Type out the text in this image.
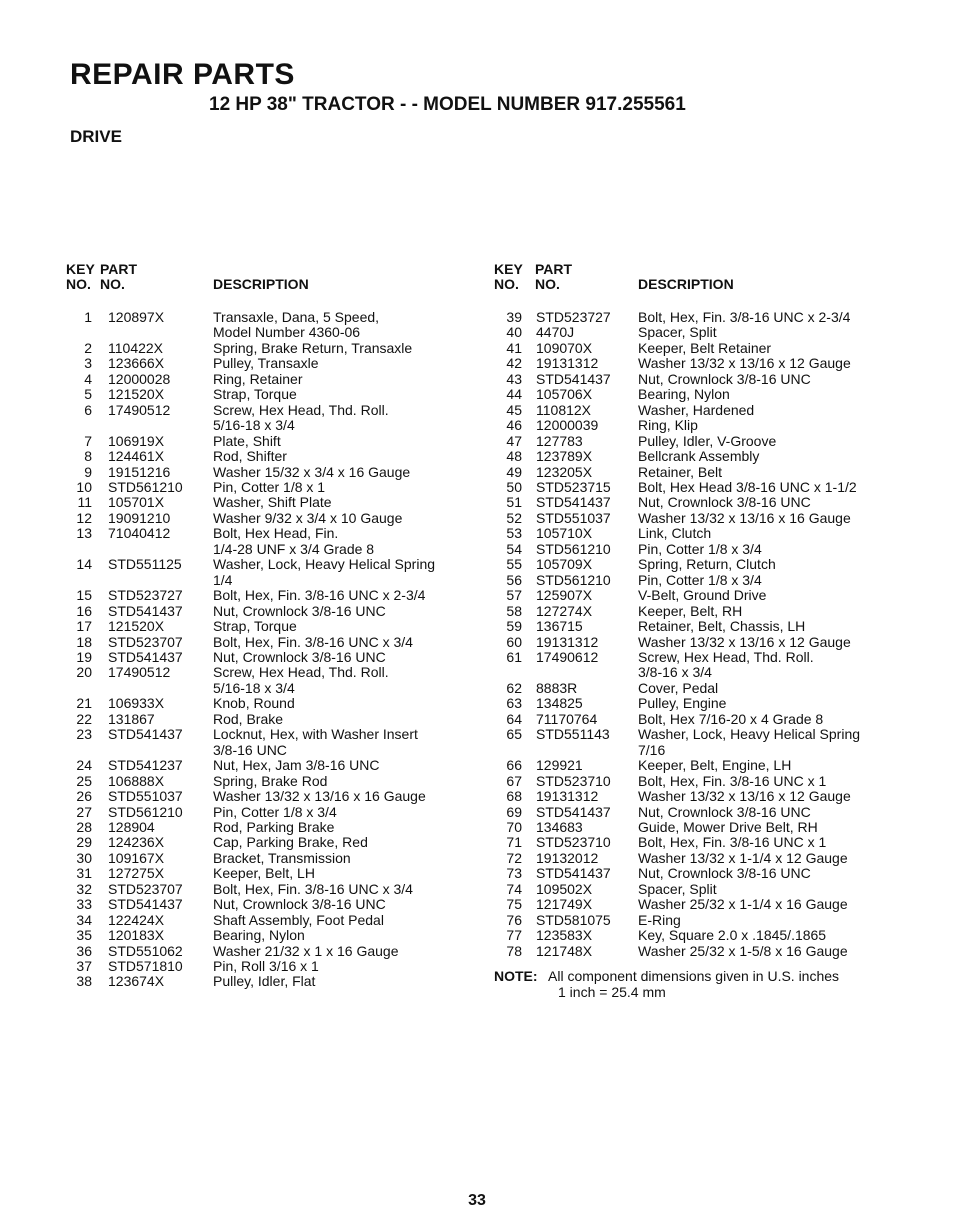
REPAIR PARTS
12 HP 38" TRACTOR - - MODEL NUMBER 917.255561
DRIVE
KEY
NO.
PART
NO.	DESCRIPTION
1 120897X	Transaxle, Dana, 5 Speed,
Model Number 4360-06
2 110422X	Spring, Brake Return, Transaxle
3 123666X	Pulley, Transaxle
4 12000028	Ring, Retainer
5 121520X	Strap, Torque
6 17490512	Screw, Hex Head, Thd. Roll.
5/16-18 x 3/4
7 106919X	Plate, Shift
8 124461X	Rod, Shifter
9 19151216	Washer 15/32 x 3/4 x 16 Gauge
10 STD561210	Pin, Cotter 1/8 x 1
11 105701X	Washer, Shift Plate
12 19091210	Washer 9/32 x 3/4 x 10 Gauge
13 71040412	Bolt, Hex Head, Fin.
1/4-28 UNF x 3/4 Grade 8
14 STD551125	Washer, Lock, Heavy Helical Spring
1/4
15 STD523727	Bolt, Hex, Fin. 3/8-16 UNC x 2-3/4
16 STD541437	Nut, Crownlock 3/8-16 UNC
17 121520X	Strap, Torque
18 STD523707	Bolt, Hex, Fin. 3/8-16 UNC x 3/4
19 STD541437	Nut, Crownlock 3/8-16 UNC
20 17490512	Screw, Hex Head, Thd. Roll.
5/16-18 x 3/4
21 106933X	Knob, Round
22 131867	Rod, Brake
23 STD541437	Locknut, Hex, with Washer Insert
3/8-16 UNC
24 STD541237	Nut, Hex, Jam 3/8-16 UNC
25 106888X	Spring, Brake Rod
26 STD551037	Washer 13/32 x 13/16 x 16 Gauge
27 STD561210	Pin, Cotter 1/8 x 3/4
28 128904	Rod, Parking Brake
29 124236X	Cap, Parking Brake, Red
30 109167X	Bracket, Transmission
31 127275X	Keeper, Belt, LH
32 STD523707	Bolt, Hex, Fin. 3/8-16 UNC x 3/4
33 STD541437	Nut, Crownlock 3/8-16 UNC
34 122424X	Shaft Assembly, Foot Pedal
35 120183X	Bearing, Nylon
36 STD551062	Washer 21/32 x 1 x 16 Gauge
37 STD571810	Pin, Roll 3/16 x 1
38 123674X	Pulley, Idler, Flat
KEY
NO.
PART
NO.	DESCRIPTION
39 STD523727	Bolt, Hex, Fin. 3/8-16 UNC x 2-3/4
40 4470J	Spacer, Split
41 109070X	Keeper, Belt Retainer
42 19131312	Washer 13/32 x 13/16 x 12 Gauge
43 STD541437	Nut, Crownlock 3/8-16 UNC
44 105706X	Bearing, Nylon
45 110812X	Washer, Hardened
46 12000039	Ring, Klip
47 127783	Pulley, Idler, V-Groove
48 123789X	Bellcrank Assembly
49 123205X	Retainer, Belt
50 STD523715	Bolt, Hex Head 3/8-16 UNC x 1-1/2
51 STD541437	Nut, Crownlock 3/8-16 UNC
52 STD551037	Washer 13/32 x 13/16 x 16 Gauge
53 105710X	Link, Clutch
54 STD561210	Pin, Cotter 1/8 x 3/4
55 105709X	Spring, Return, Clutch
56 STD561210	Pin, Cotter 1/8 x 3/4
57 125907X	V-Belt, Ground Drive
58 127274X	Keeper, Belt, RH
59 136715	Retainer, Belt, Chassis, LH
60 19131312	Washer 13/32 x 13/16 x 12 Gauge
61 17490612	Screw, Hex Head, Thd. Roll.
3/8-16 x 3/4
62 8883R	Cover, Pedal
63 134825	Pulley, Engine
64 71170764	Bolt, Hex 7/16-20 x 4 Grade 8
65 STD551143	Washer, Lock, Heavy Helical Spring
7/16
66 129921	Keeper, Belt, Engine, LH
67 STD523710	Bolt, Hex, Fin. 3/8-16 UNC x 1
68 19131312	Washer 13/32 x 13/16 x 12 Gauge
69 STD541437	Nut, Crownlock 3/8-16 UNC
70 134683	Guide, Mower Drive Belt, RH
71 STD523710	Bolt, Hex, Fin. 3/8-16 UNC x 1
72 19132012	Washer 13/32 x 1-1/4 x 12 Gauge
73 STD541437	Nut, Crownlock 3/8-16 UNC
74 109502X	Spacer, Split
75 121749X	Washer 25/32 x 1-1/4 x 16 Gauge
76 STD581075	E-Ring
77 123583X	Key, Square 2.0 x .1845/.1865
78 121748X	Washer 25/32 x 1-5/8 x 16 Gauge
NOTE: All component dimensions given in U.S. inches
1 inch = 25.4 mm
33
